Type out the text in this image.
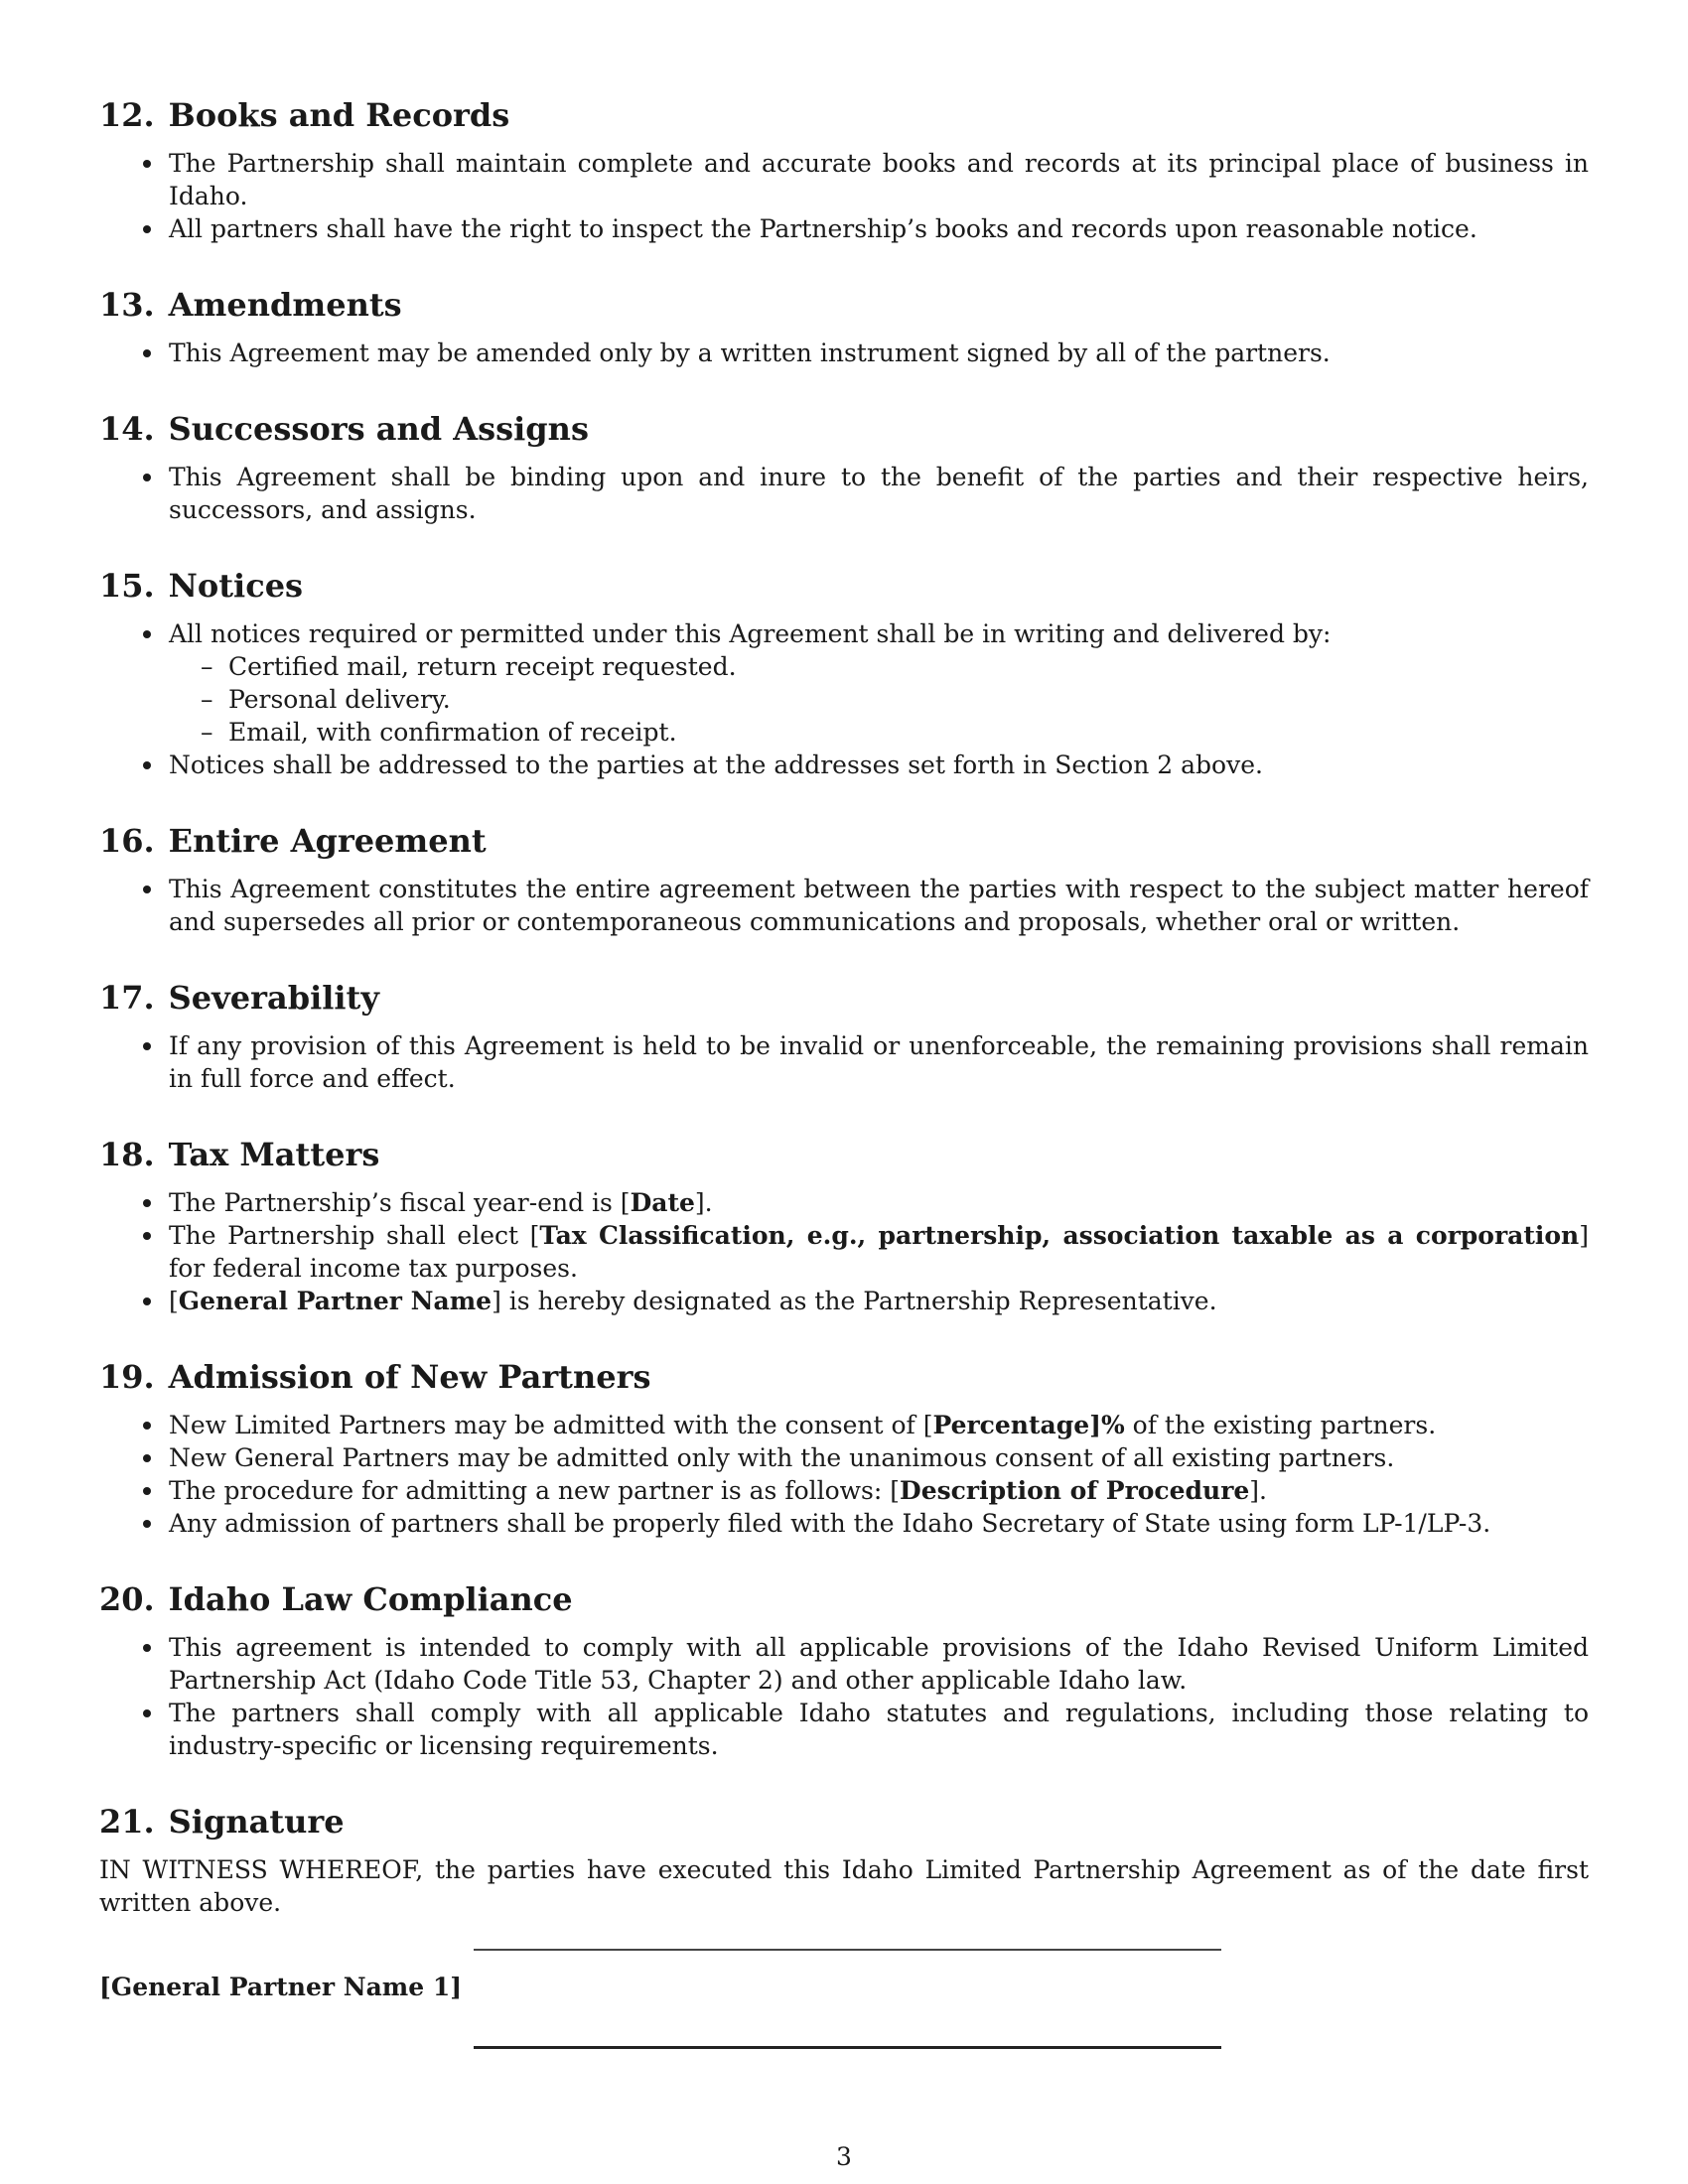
12. Books and Records
The Partnership shall maintain complete and accurate books and records at its principal place of business in Idaho.
All partners shall have the right to inspect the Partnership’s books and records upon reasonable notice.
13. Amendments
This Agreement may be amended only by a written instrument signed by all of the partners.
14. Successors and Assigns
This Agreement shall be binding upon and inure to the benefit of the parties and their respective heirs, successors, and assigns.
15. Notices
All notices required or permitted under this Agreement shall be in writing and delivered by:
– Certified mail, return receipt requested.
– Personal delivery.
– Email, with confirmation of receipt.
Notices shall be addressed to the parties at the addresses set forth in Section 2 above.
16. Entire Agreement
This Agreement constitutes the entire agreement between the parties with respect to the subject matter hereof and supersedes all prior or contemporaneous communications and proposals, whether oral or written.
17. Severability
If any provision of this Agreement is held to be invalid or unenforceable, the remaining provisions shall remain in full force and effect.
18. Tax Matters
The Partnership’s fiscal year-end is [Date].
The Partnership shall elect [Tax Classification, e.g., partnership, association taxable as a corporation] for federal income tax purposes.
[General Partner Name] is hereby designated as the Partnership Representative.
19. Admission of New Partners
New Limited Partners may be admitted with the consent of [Percentage]% of the existing partners.
New General Partners may be admitted only with the unanimous consent of all existing partners.
The procedure for admitting a new partner is as follows: [Description of Procedure].
Any admission of partners shall be properly filed with the Idaho Secretary of State using form LP-1/LP-3.
20. Idaho Law Compliance
This agreement is intended to comply with all applicable provisions of the Idaho Revised Uniform Limited Partnership Act (Idaho Code Title 53, Chapter 2) and other applicable Idaho law.
The partners shall comply with all applicable Idaho statutes and regulations, including those relating to industry-specific or licensing requirements.
21. Signature

IN WITNESS WHEREOF, the parties have executed this Idaho Limited Partnership Agreement as of the date first written above.

[General Partner Name 1]
3
